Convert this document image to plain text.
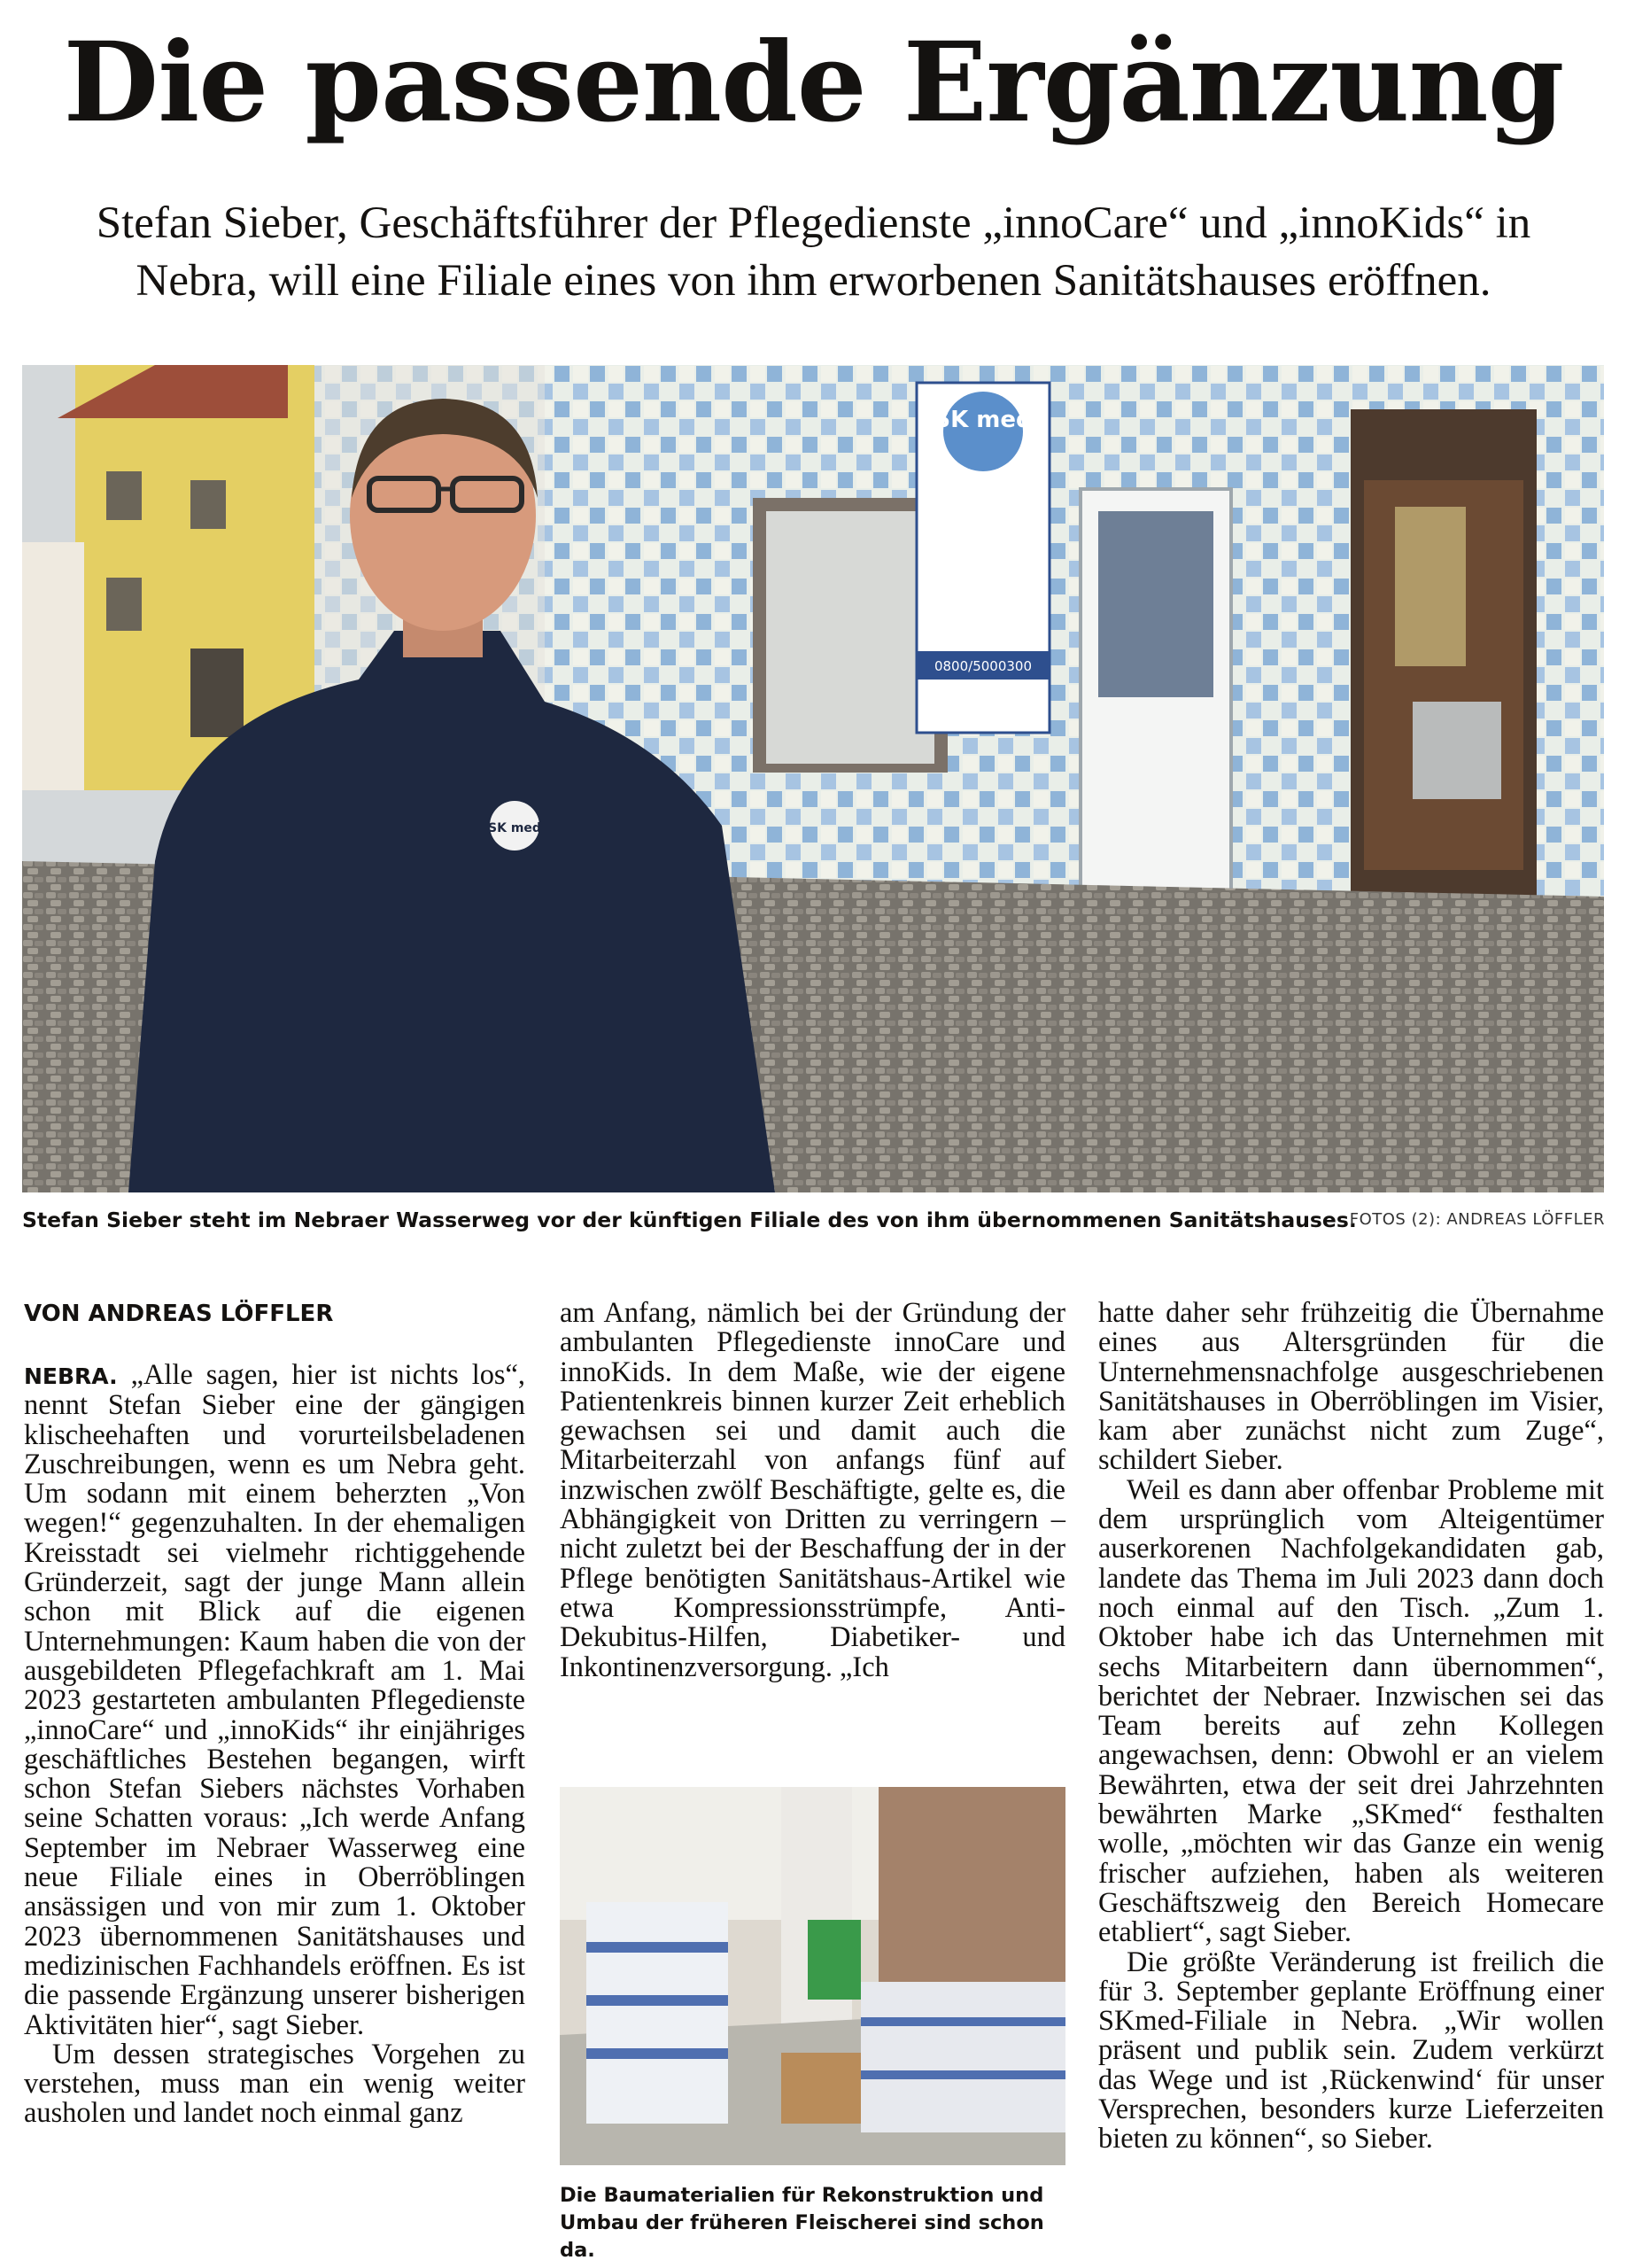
Die passende Ergänzung

Stefan Sieber, Geschäftsführer der Pflegedienste „innoCare“ und „innoKids“ in Nebra, will eine Filiale eines von ihm erworbenen Sanitätshauses eröffnen.

SK med
0800/5000300
SK med
Stefan Sieber steht im Nebraer Wasserweg vor der künftigen Filiale des von ihm übernommenen Sanitätshauses.
FOTOS (2): ANDREAS LÖFFLER
VON ANDREAS LÖFFLER

NEBRA. „Alle sagen, hier ist nichts los“, nennt Stefan Sieber eine der gängigen klischeehaften und vorurteilsbeladenen Zuschreibungen, wenn es um Nebra geht. Um sodann mit einem beherzten „Von wegen!“ gegenzuhalten. In der ehemaligen Kreisstadt sei vielmehr richtiggehende Gründerzeit, sagt der junge Mann allein schon mit Blick auf die eigenen Unternehmungen: Kaum haben die von der ausgebildeten Pflegefachkraft am 1. Mai 2023 gestarteten ambulanten Pflegedienste „innoCare“ und „innoKids“ ihr einjähriges geschäftliches Bestehen begangen, wirft schon Stefan Siebers nächstes Vorhaben seine Schatten voraus: „Ich werde Anfang September im Nebraer Wasserweg eine neue Filiale eines in Oberröblingen ansässigen und von mir zum 1. Oktober 2023 übernommenen Sanitätshauses und medizinischen Fachhandels eröffnen. Es ist die passende Ergänzung unserer bisherigen Aktivitäten hier“, sagt Sieber.

Um dessen strategisches Vorgehen zu verstehen, muss man ein wenig weiter ausholen und landet noch einmal ganz

am Anfang, nämlich bei der Gründung der ambulanten Pflegedienste innoCare und innoKids. In dem Maße, wie der eigene Patientenkreis binnen kurzer Zeit erheblich gewachsen sei und damit auch die Mitarbeiterzahl von anfangs fünf auf inzwischen zwölf Beschäftigte, gelte es, die Abhängigkeit von Dritten zu verringern – nicht zuletzt bei der Beschaffung der in der Pflege benötigten Sanitätshaus-Artikel wie etwa Kompressionsstrümpfe, Anti-Dekubitus-Hilfen, Diabetiker- und Inkontinenzversorgung. „Ich

Die Baumaterialien für Rekonstruktion und Umbau der früheren Fleischerei sind schon da.

hatte daher sehr frühzeitig die Übernahme eines aus Altersgründen für die Unternehmensnachfolge ausgeschriebenen Sanitätshauses in Oberröblingen im Visier, kam aber zunächst nicht zum Zuge“, schildert Sieber.

Weil es dann aber offenbar Probleme mit dem ursprünglich vom Alteigentümer auserkorenen Nachfolgekandidaten gab, landete das Thema im Juli 2023 dann doch noch einmal auf den Tisch. „Zum 1. Oktober habe ich das Unternehmen mit sechs Mitarbeitern dann übernommen“, berichtet der Nebraer. Inzwischen sei das Team bereits auf zehn Kollegen angewachsen, denn: Obwohl er an vielem Bewährten, etwa der seit drei Jahrzehnten bewährten Marke „SKmed“ festhalten wolle, „möchten wir das Ganze ein wenig frischer aufziehen, haben als weiteren Geschäftszweig den Bereich Homecare etabliert“, sagt Sieber.

Die größte Veränderung ist freilich die für 3. September geplante Eröffnung einer SKmed-Filiale in Nebra. „Wir wollen präsent und publik sein. Zudem verkürzt das Wege und ist ‚Rückenwind‘ für unser Versprechen, besonders kurze Lieferzeiten bieten zu können“, so Sieber.
